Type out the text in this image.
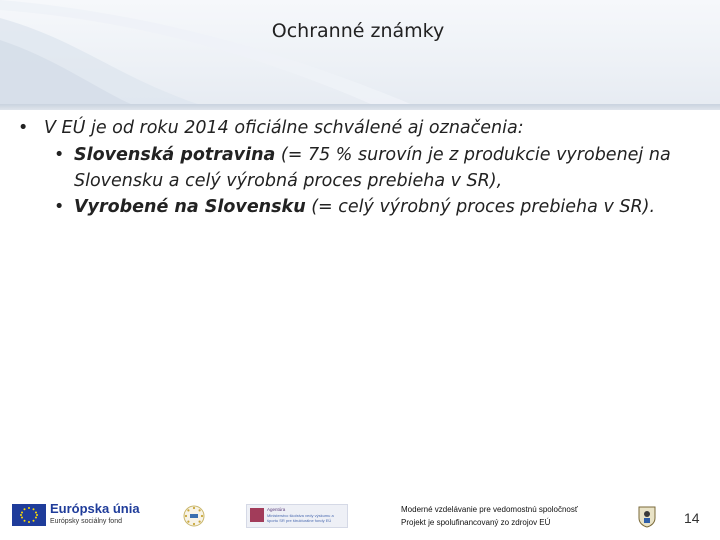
Ochranné známky
• V EÚ je od roku 2014 oficiálne schválené aj označenia:
• Slovenská potravina (= 75 % surovín je z produkcie vyrobenej na Slovensku a celý výrobná proces prebieha v SR),
• Vyrobené na Slovensku (= celý výrobný proces prebieha v SR).
Európska únia
Európsky sociálny fond
Agentúra
Ministerstvo školstva vedy výskumu a športu SR pre štrukturálne fondy EÚ
Moderné vzdelávanie pre vedomostnú spoločnosť
Projekt je spolufinancovaný zo zdrojov EÚ	14
